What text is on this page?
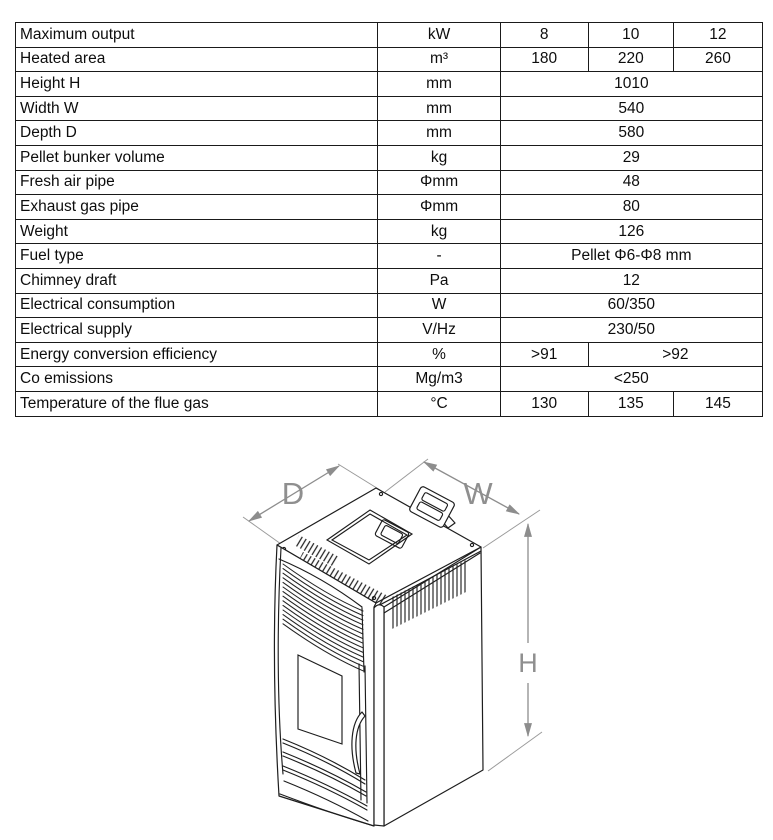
Maximum output	kW	8	10	12
Heated area	m³	180	220	260
Height H	mm	1010		
Width W	mm	540		
Depth D	mm	580		
Pellet bunker volume	kg	29		
Fresh air pipe	Φmm	48		
Exhaust gas pipe	Φmm	80		
Weight	kg	126		
Fuel type	-	Pellet Φ6-Φ8 mm		
Chimney draft	Pa	12		
Electrical consumption	W	60/350		
Electrical supply	V/Hz	230/50		
Energy conversion efficiency	%	>91	>92	
Co emissions	Mg/m3	<250		
Temperature of the flue gas	°C	130	135	145
D	W
H
